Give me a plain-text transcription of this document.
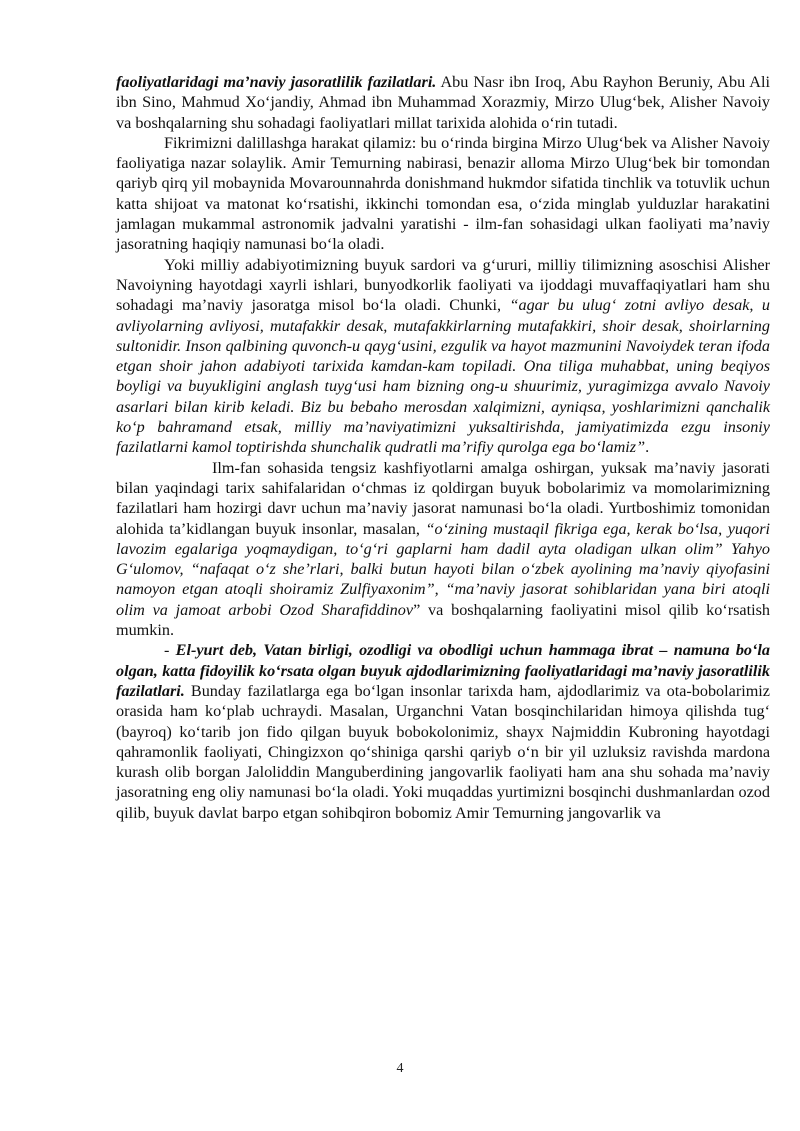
faoliyatlaridagi ma’naviy jasoratlilik fazilatlari. Abu Nasr ibn Iroq, Abu Rayhon Beruniy, Abu Ali ibn Sino, Mahmud Xo‘jandiy, Ahmad ibn Muhammad Xorazmiy, Mirzo Ulug‘bek, Alisher Navoiy va boshqalarning shu sohadagi faoliyatlari millat tarixida alohida o‘rin tutadi.

Fikrimizni dalillashga harakat qilamiz: bu o‘rinda birgina Mirzo Ulug‘bek va Alisher Navoiy faoliyatiga nazar solaylik. Amir Temurning nabirasi, benazir alloma Mirzo Ulug‘bek bir tomondan qariyb qirq yil mobaynida Movarounnahrda donishmand hukmdor sifatida tinchlik va totuvlik uchun katta shijoat va matonat ko‘rsatishi, ikkinchi tomondan esa, o‘zida minglab yulduzlar harakatini jamlagan mukammal astronomik jadvalni yaratishi - ilm-fan sohasidagi ulkan faoliyati ma’naviy jasoratning haqiqiy namunasi bo‘la oladi.

Yoki milliy adabiyotimizning buyuk sardori va g‘ururi, milliy tilimizning asoschisi Alisher Navoiyning hayotdagi xayrli ishlari, bunyodkorlik faoliyati va ijoddagi muvaffaqiyatlari ham shu sohadagi ma’naviy jasoratga misol bo‘la oladi. Chunki, “agar bu ulug‘ zotni avliyo desak, u avliyolarning avliyosi, mutafakkir desak, mutafakkirlarning mutafakkiri, shoir desak, shoirlarning sultonidir. Inson qalbining quvonch-u qayg‘usini, ezgulik va hayot mazmunini Navoiydek teran ifoda etgan shoir jahon adabiyoti tarixida kamdan-kam topiladi. Ona tiliga muhabbat, uning beqiyos boyligi va buyukligini anglash tuyg‘usi ham bizning ong-u shuurimiz, yuragimizga avvalo Navoiy asarlari bilan kirib keladi. Biz bu bebaho merosdan xalqimizni, ayniqsa, yoshlarimizni qanchalik ko‘p bahramand etsak, milliy ma’naviyatimizni yuksaltirishda, jamiyatimizda ezgu insoniy fazilatlarni kamol toptirishda shunchalik qudratli ma’rifiy qurolga ega bo‘lamiz”.

Ilm-fan sohasida tengsiz kashfiyotlarni amalga oshirgan, yuksak ma’naviy jasorati bilan yaqindagi tarix sahifalaridan o‘chmas iz qoldirgan buyuk bobolarimiz va momolarimizning fazilatlari ham hozirgi davr uchun ma’naviy jasorat namunasi bo‘la oladi. Yurtboshimiz tomonidan alohida ta’kidlangan buyuk insonlar, masalan, “o‘zining mustaqil fikriga ega, kerak bo‘lsa, yuqori lavozim egalariga yoqmaydigan, to‘g‘ri gaplarni ham dadil ayta oladigan ulkan olim” Yahyo G‘ulomov, “nafaqat o‘z she’rlari, balki butun hayoti bilan o‘zbek ayolining ma’naviy qiyofasini namoyon etgan atoqli shoiramiz Zulfiyaxonim”, “ma’naviy jasorat sohiblaridan yana biri atoqli olim va jamoat arbobi Ozod Sharafiddinov” va boshqalarning faoliyatini misol qilib ko‘rsatish mumkin.

- El-yurt deb, Vatan birligi, ozodligi va obodligi uchun hammaga ibrat – namuna bo‘la olgan, katta fidoyilik ko‘rsata olgan buyuk ajdodlarimizning faoliyatlaridagi ma’naviy jasoratlilik fazilatlari. Bunday fazilatlarga ega bo‘lgan insonlar tarixda ham, ajdodlarimiz va ota-bobolarimiz orasida ham ko‘plab uchraydi. Masalan, Urganchni Vatan bosqinchilaridan himoya qilishda tug‘ (bayroq) ko‘tarib jon fido qilgan buyuk bobokolonimiz, shayx Najmiddin Kubroning hayotdagi qahramonlik faoliyati, Chingizxon qo‘shiniga qarshi qariyb o‘n bir yil uzluksiz ravishda mardona kurash olib borgan Jaloliddin Manguberdining jangovarlik faoliyati ham ana shu sohada ma’naviy jasoratning eng oliy namunasi bo‘la oladi. Yoki muqaddas yurtimizni bosqinchi dushmanlardan ozod qilib, buyuk davlat barpo etgan sohibqiron bobomiz Amir Temurning jangovarlik va

4
